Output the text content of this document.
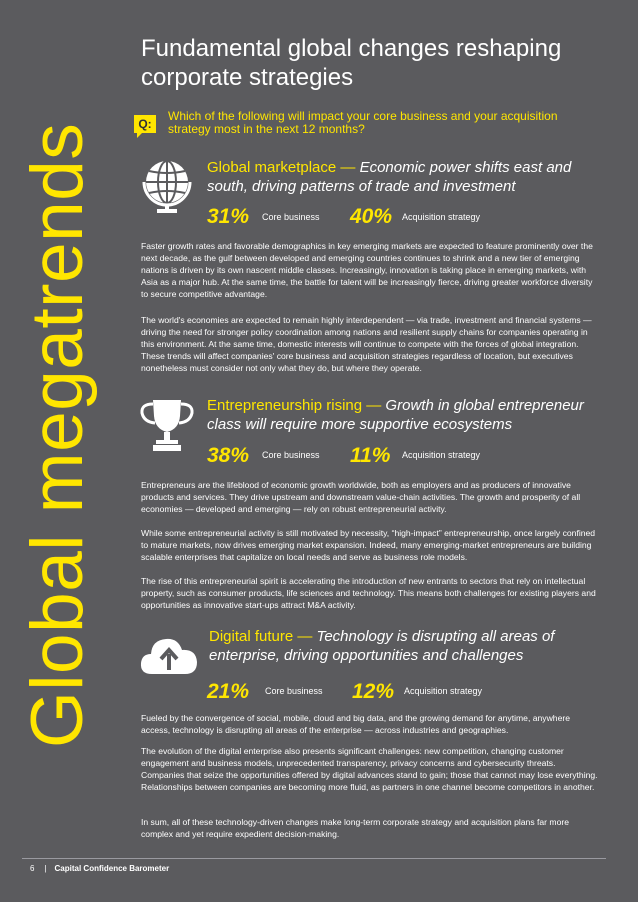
Global megatrends
Fundamental global changes reshaping corporate strategies
Q:
Which of the following will impact your core business and your acquisition strategy most in the next 12 months?
Global marketplace — Economic power shifts east and south, driving patterns of trade and investment
31% Core business 40% Acquisition strategy

Faster growth rates and favorable demographics in key emerging markets are expected to feature prominently over the next decade, as the gulf between developed and emerging countries continues to shrink and a new tier of emerging nations is driven by its own nascent middle classes. Increasingly, innovation is taking place in emerging markets, with Asia as a major hub. At the same time, the battle for talent will be increasingly fierce, driving greater workforce diversity to secure competitive advantage.

The world's economies are expected to remain highly interdependent — via trade, investment and financial systems — driving the need for stronger policy coordination among nations and resilient supply chains for companies operating in this environment. At the same time, domestic interests will continue to compete with the forces of global integration. These trends will affect companies' core business and acquisition strategies regardless of location, but executives nonetheless must consider not only what they do, but where they operate.

Entrepreneurship rising — Growth in global entrepreneur class will require more supportive ecosystems
38% Core business 11% Acquisition strategy

Entrepreneurs are the lifeblood of economic growth worldwide, both as employers and as producers of innovative products and services. They drive upstream and downstream value-chain activities. The growth and prosperity of all economies — developed and emerging — rely on robust entrepreneurial activity.

While some entrepreneurial activity is still motivated by necessity, “high-impact” entrepreneurship, once largely confined to mature markets, now drives emerging market expansion. Indeed, many emerging-market entrepreneurs are building scalable enterprises that capitalize on local needs and serve as business role models.

The rise of this entrepreneurial spirit is accelerating the introduction of new entrants to sectors that rely on intellectual property, such as consumer products, life sciences and technology. This means both challenges for existing players and opportunities as innovative start-ups attract M&A activity.

Digital future — Technology is disrupting all areas of enterprise, driving opportunities and challenges
21% Core business 12% Acquisition strategy

Fueled by the convergence of social, mobile, cloud and big data, and the growing demand for anytime, anywhere access, technology is disrupting all areas of the enterprise — across industries and geographies.

The evolution of the digital enterprise also presents significant challenges: new competition, changing customer engagement and business models, unprecedented transparency, privacy concerns and cybersecurity threats. Companies that seize the opportunities offered by digital advances stand to gain; those that cannot may lose everything. Relationships between companies are becoming more fluid, as partners in one channel become competitors in another.

In sum, all of these technology-driven changes make long-term corporate strategy and acquisition plans far more complex and yet require expedient decision-making.

6 | Capital Confidence Barometer
